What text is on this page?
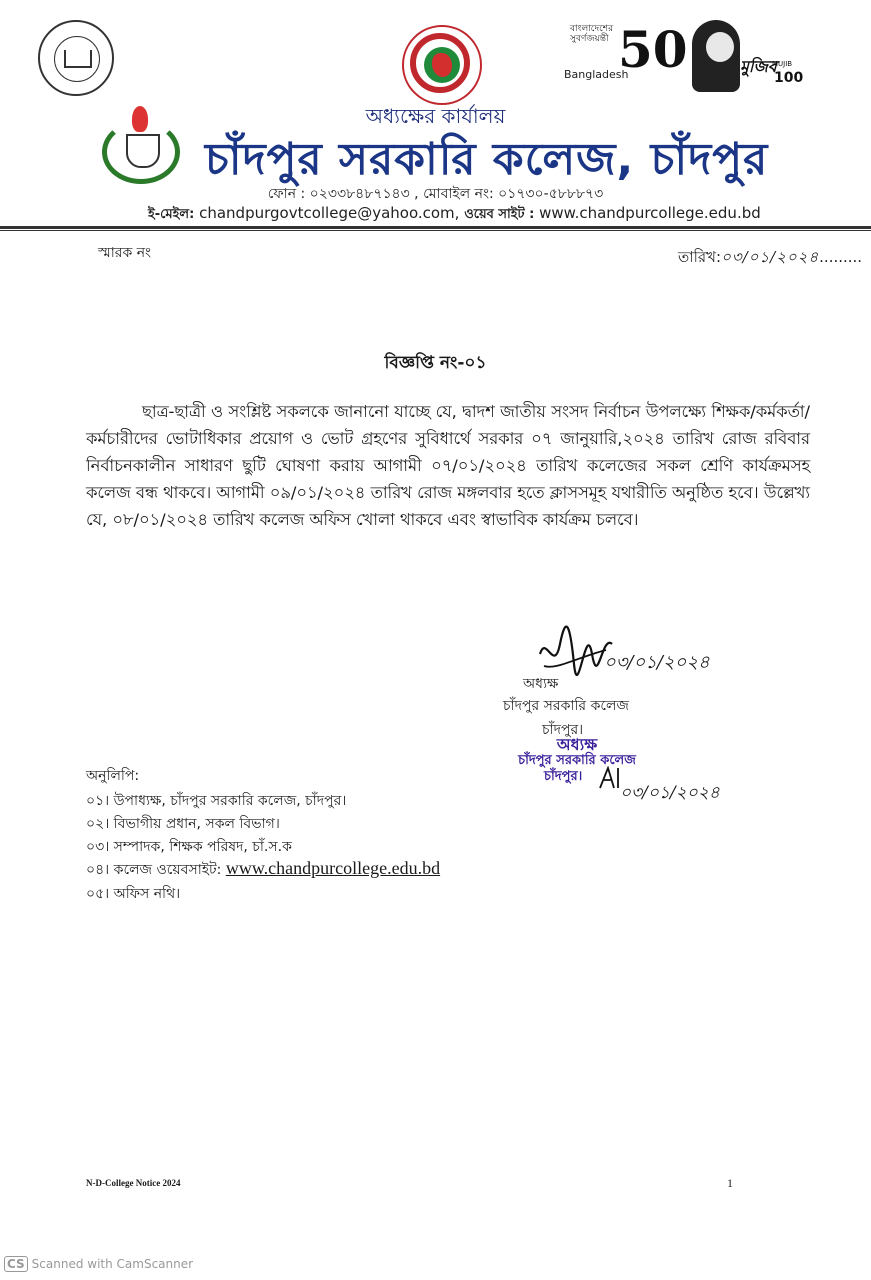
বাংলাদেশের
সুবর্ণজয়ন্তী
Bangladesh
50	মুজিব
MUJIB
100
অধ্যক্ষের কার্যালয়
চাঁদপুর সরকারি কলেজ, চাঁদপুর
ফোন : ০২৩৩৮৪৮৭১৪৩ , মোবাইল নং: ০১৭৩০-৫৮৮৮৭৩
ই-মেইল: chandpurgovtcollege@yahoo.com, ওয়েব সাইট : www.chandpurcollege.edu.bd
স্মারক নং	তারিখ:০৩/০১/২০২৪.........
বিজ্ঞপ্তি নং-০১
ছাত্র-ছাত্রী ও সংশ্লিষ্ট সকলকে জানানো যাচ্ছে যে, দ্বাদশ জাতীয় সংসদ নির্বাচন উপলক্ষ্যে শিক্ষক/কর্মকর্তা/কর্মচারীদের ভোটাধিকার প্রয়োগ ও ভোট গ্রহণের সুবিধার্থে সরকার ০৭ জানুয়ারি,২০২৪ তারিখ রোজ রবিবার নির্বাচনকালীন সাধারণ ছুটি ঘোষণা করায় আগামী ০৭/০১/২০২৪ তারিখ কলেজের সকল শ্রেণি কার্যক্রমসহ কলেজ বন্ধ থাকবে। আগামী ০৯/০১/২০২৪ তারিখ রোজ মঙ্গলবার হতে ক্লাসসমূহ যথারীতি অনুষ্ঠিত হবে। উল্লেখ্য যে, ০৮/০১/২০২৪ তারিখ কলেজ অফিস খোলা থাকবে এবং স্বাভাবিক কার্যক্রম চলবে।
০৩/০১/২০২৪
অধ্যক্ষ
চাঁদপুর সরকারি কলেজ
চাঁদপুর।
অধ্যক্ষ
চাঁদপুর সরকারি কলেজ
চাঁদপুর।
০৩/০১/২০২৪
অনুলিপি:
০১। উপাধ্যক্ষ, চাঁদপুর সরকারি কলেজ, চাঁদপুর।
০২। বিভাগীয় প্রধান, সকল বিভাগ।
০৩। সম্পাদক, শিক্ষক পরিষদ, চাঁ.স.ক
০৪। কলেজ ওয়েবসাইট: www.chandpurcollege.edu.bd
০৫। অফিস নথি।
N-D-College Notice 2024	1
CS Scanned with CamScanner
